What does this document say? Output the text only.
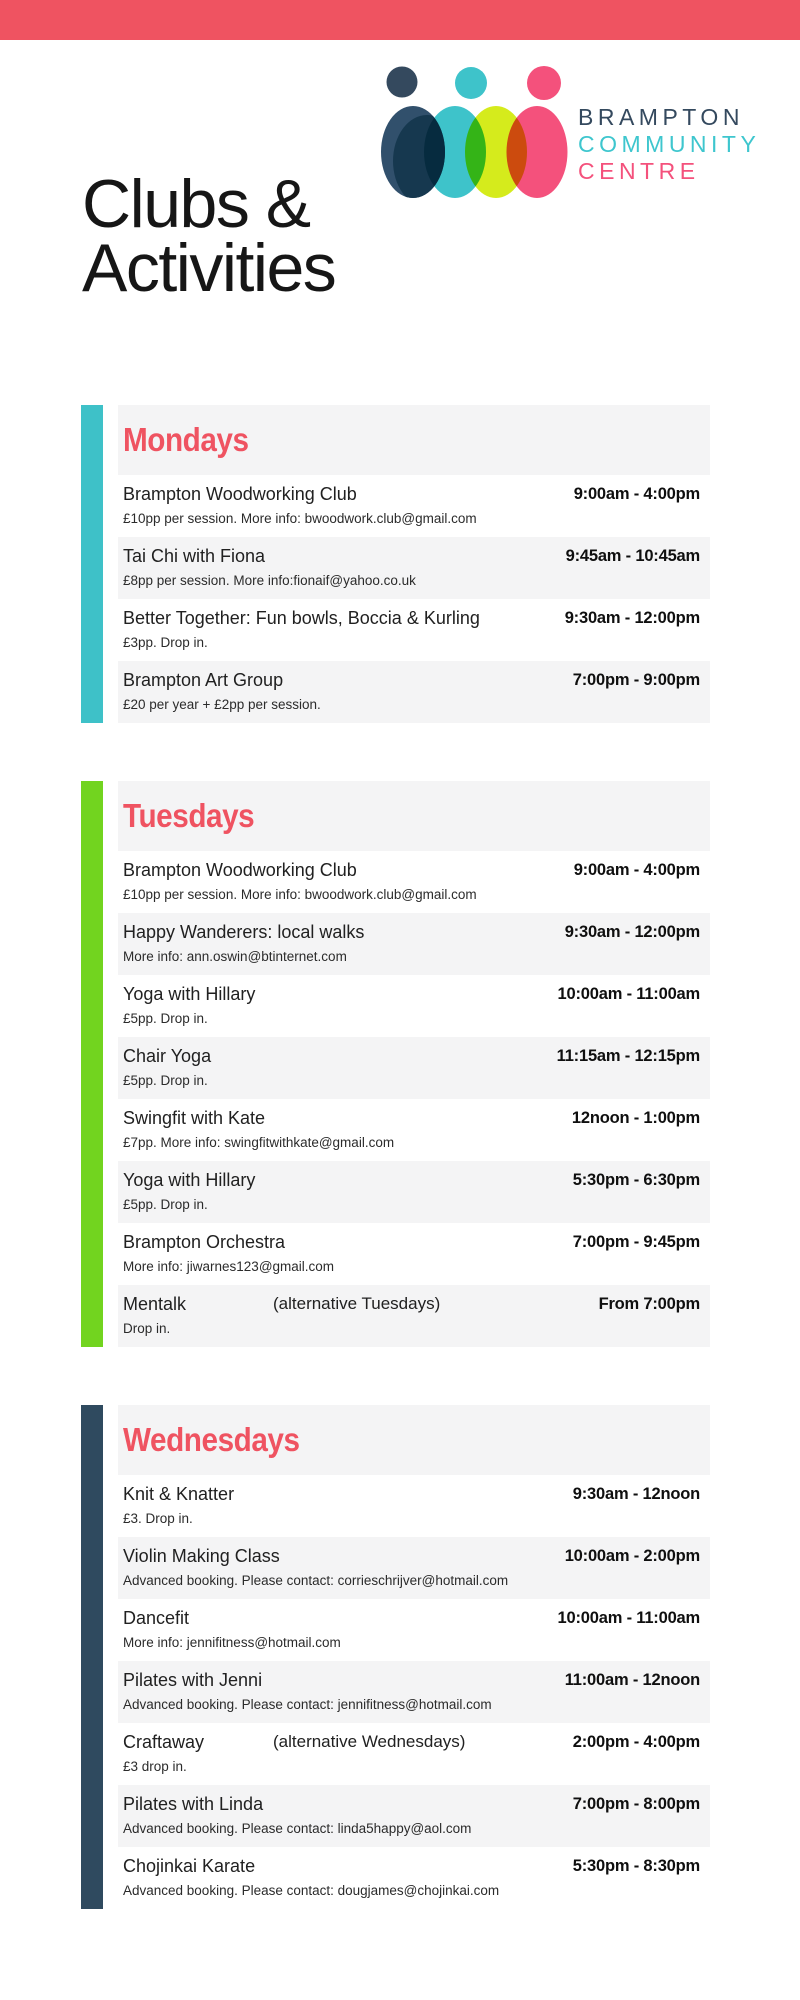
BRAMPTON
COMMUNITY
CENTRE
Clubs &
Activities
Mondays
Brampton Woodworking Club	9:00am - 4:00pm
£10pp per session. More info: bwoodwork.club@gmail.com
Tai Chi with Fiona	9:45am - 10:45am
£8pp per session. More info:fionaif@yahoo.co.uk
Better Together: Fun bowls, Boccia & Kurling	9:30am - 12:00pm
£3pp. Drop in.
Brampton Art Group	7:00pm - 9:00pm
£20 per year + £2pp per session.
Tuesdays
Brampton Woodworking Club	9:00am - 4:00pm
£10pp per session. More info: bwoodwork.club@gmail.com
Happy Wanderers: local walks	9:30am - 12:00pm
More info: ann.oswin@btinternet.com
Yoga with Hillary	10:00am - 11:00am
£5pp. Drop in.
Chair Yoga	11:15am - 12:15pm
£5pp. Drop in.
Swingfit with Kate	12noon - 1:00pm
£7pp. More info: swingfitwithkate@gmail.com
Yoga with Hillary	5:30pm - 6:30pm
£5pp. Drop in.
Brampton Orchestra	7:00pm - 9:45pm
More info: jiwarnes123@gmail.com
Mentalk	(alternative Tuesdays)	From 7:00pm
Drop in.
Wednesdays
Knit & Knatter	9:30am - 12noon
£3. Drop in.
Violin Making Class	10:00am - 2:00pm
Advanced booking. Please contact: corrieschrijver@hotmail.com
Dancefit	10:00am - 11:00am
More info: jennifitness@hotmail.com
Pilates with Jenni	11:00am - 12noon
Advanced booking. Please contact: jennifitness@hotmail.com
Craftaway	(alternative Wednesdays)	2:00pm - 4:00pm
£3 drop in.
Pilates with Linda	7:00pm - 8:00pm
Advanced booking. Please contact: linda5happy@aol.com
Chojinkai Karate	5:30pm - 8:30pm
Advanced booking. Please contact: dougjames@chojinkai.com
